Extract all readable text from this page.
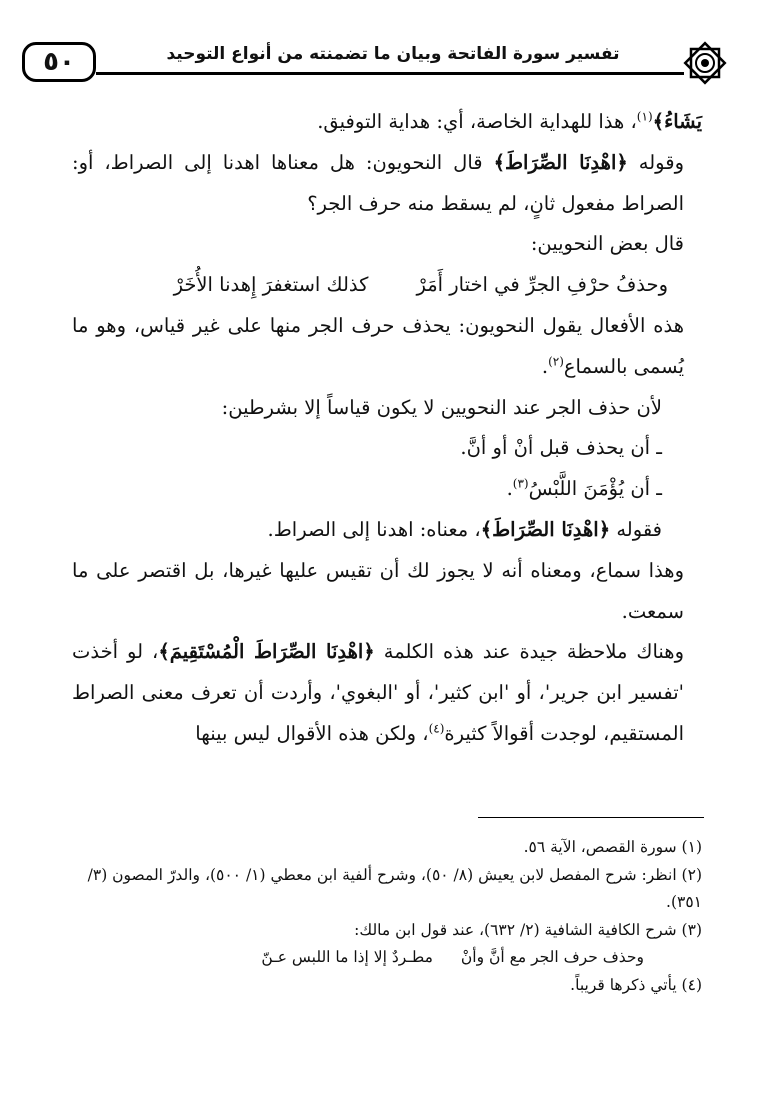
٥٠	تفسير سورة الفاتحة وبيان ما تضمنته من أنواع التوحيد

يَشَاءُ﴾$^{(١)}$، هذا للهداية الخاصة، أي: هداية التوفيق.

وقوله ﴿اهْدِنَا الصِّرَاطَ﴾ قال النحويون: هل معناها اهدنا إلى الصراط، أو: الصراط مفعول ثانٍ، لم يسقط منه حرف الجر؟

قال بعض النحويين:

وحذفُ حرْفِ الجرِّ في اختار أَمَرْ
كذلك استغفرَ إِهدنا الأُخَرْ

هذه الأفعال يقول النحويون: يحذف حرف الجر منها على غير قياس، وهو ما يُسمى بالسماع$^{(٢)}$.

لأن حذف الجر عند النحويين لا يكون قياساً إلا بشرطين:

ـ أن يحذف قبل أنْ أو أنَّ.

ـ أن يُؤْمَنَ اللَّبْسُ$^{(٣)}$.

فقوله ﴿اهْدِنَا الصِّرَاطَ﴾، معناه: اهدنا إلى الصراط.

وهذا سماع، ومعناه أنه لا يجوز لك أن تقيس عليها غيرها، بل اقتصر على ما سمعت.

وهناك ملاحظة جيدة عند هذه الكلمة ﴿اهْدِنَا الصِّرَاطَ الْمُسْتَقِيمَ﴾، لو أخذت 'تفسير ابن جرير'، أو 'ابن كثير'، أو 'البغوي'، وأردت أن تعرف معنى الصراط المستقيم، لوجدت أقوالاً كثيرة$^{(٤)}$، ولكن هذه الأقوال ليس بينها

(١) سورة القصص، الآية ٥٦.

(٢) انظر: شرح المفصل لابن يعيش (٨/ ٥٠)، وشرح ألفية ابن معطي (١/ ٥٠٠)، والدرّ المصون (٣/ ٣٥١).

(٣) شرح الكافية الشافية (٢/ ٦٣٢)، عند قول ابن مالك:

وحذف حرف الجر مع أنَّ وأنْ
مطـردٌ إلا إذا ما اللبس عـنّ

(٤) يأتي ذكرها قريباً.
